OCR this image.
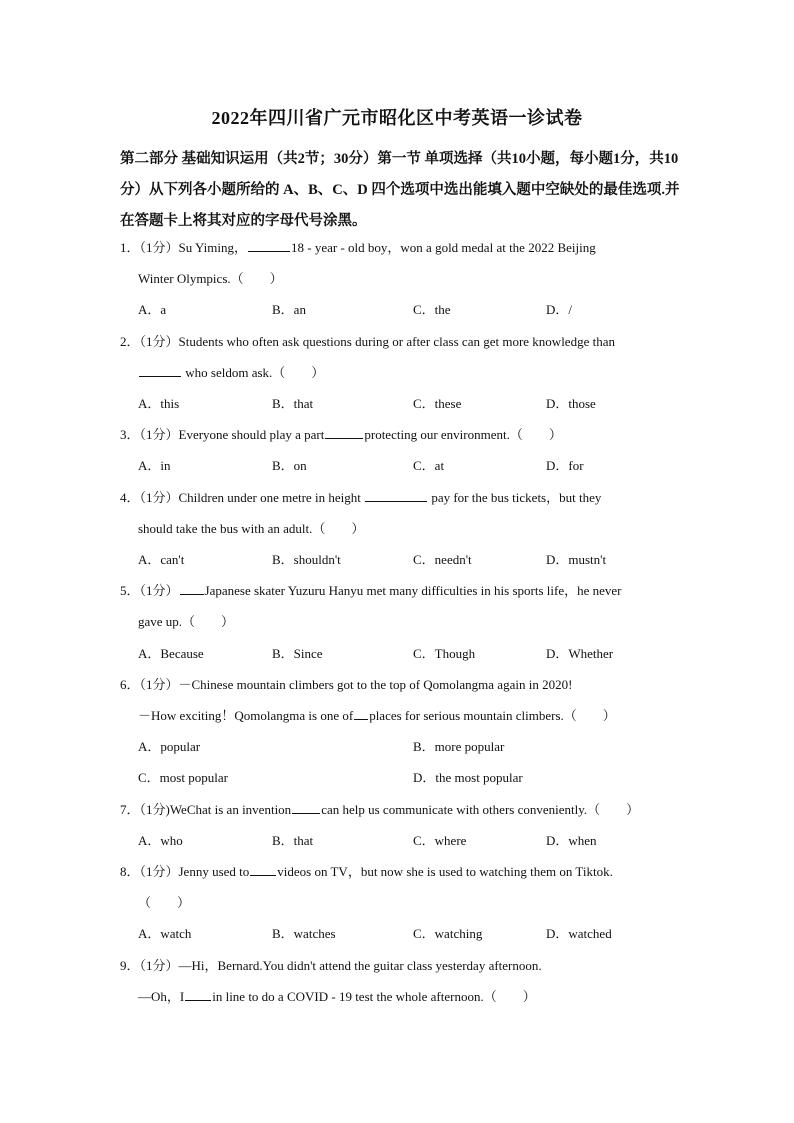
2022年四川省广元市昭化区中考英语一诊试卷
第二部分 基础知识运用（共2节；30分）第一节 单项选择（共10小题，每小题1分，共10分）从下列各小题所给的 A、B、C、D 四个选项中选出能填入题中空缺处的最佳选项.并在答题卡上将其对应的字母代号涂黑。
1．（1分）Su Yiming，	18 - year - old boy，won a gold medal at the 2022 Beijing
Winter Olympics.（　　）
A．a	B．an	C．the	D．/
2．（1分）Students who often ask questions during or after class can get more knowledge than
who seldom ask.（　　）
A．this	B．that	C．these	D．those
3．（1分）Everyone should play a part	protecting our environment.（　　）
A．in	B．on	C．at	D．for
4．（1分）Children under one metre in height	pay for the bus tickets，but they
should take the bus with an adult.（　　）
A．can't	B．shouldn't	C．needn't	D．mustn't
5．（1分） Japanese skater Yuzuru Hanyu met many difficulties in his sports life，he never
gave up.（　　）
A．Because	B．Since	C．Though	D．Whether
6．（1分）－Chinese mountain climbers got to the top of Qomolangma again in 2020!
－How exciting！Qomolangma is one of places for serious mountain climbers.（　　）
A．popular	B．more popular
C．most popular	D．the most popular
7．（1分)WeChat is an invention can help us communicate with others conveniently.（　　）
A．who	B．that	C．where	D．when
8．（1分）Jenny used to videos on TV，but now she is used to watching them on Tiktok.
（　　）
A．watch	B．watches	C．watching	D．watched
9．（1分）—Hi，Bernard.You didn't attend the guitar class yesterday afternoon.
—Oh，I in line to do a COVID - 19 test the whole afternoon.（　　）
